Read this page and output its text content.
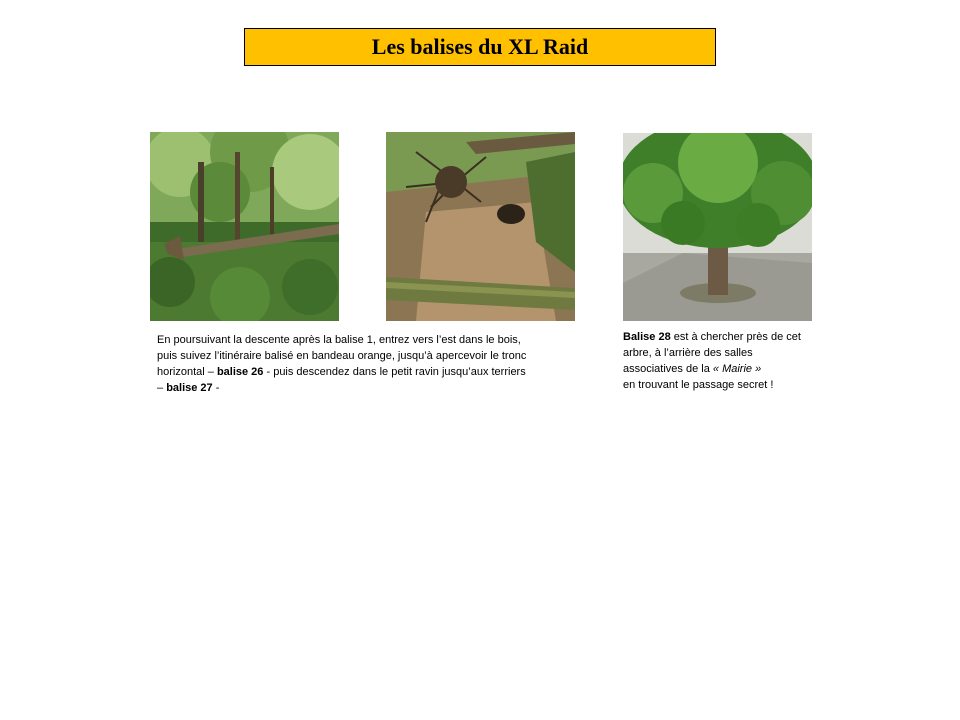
Les balises du XL Raid

En poursuivant la descente après la balise 1, entrez vers l’est dans le bois,

puis suivez l’itinéraire balisé en bandeau orange, jusqu’à apercevoir le tronc

horizontal – balise 26 - puis descendez dans le petit ravin jusqu’aux terriers

– balise 27 -

Balise 28 est à chercher près de cet

arbre, à l’arrière des salles

associatives de la « Mairie »

en trouvant le passage secret !
